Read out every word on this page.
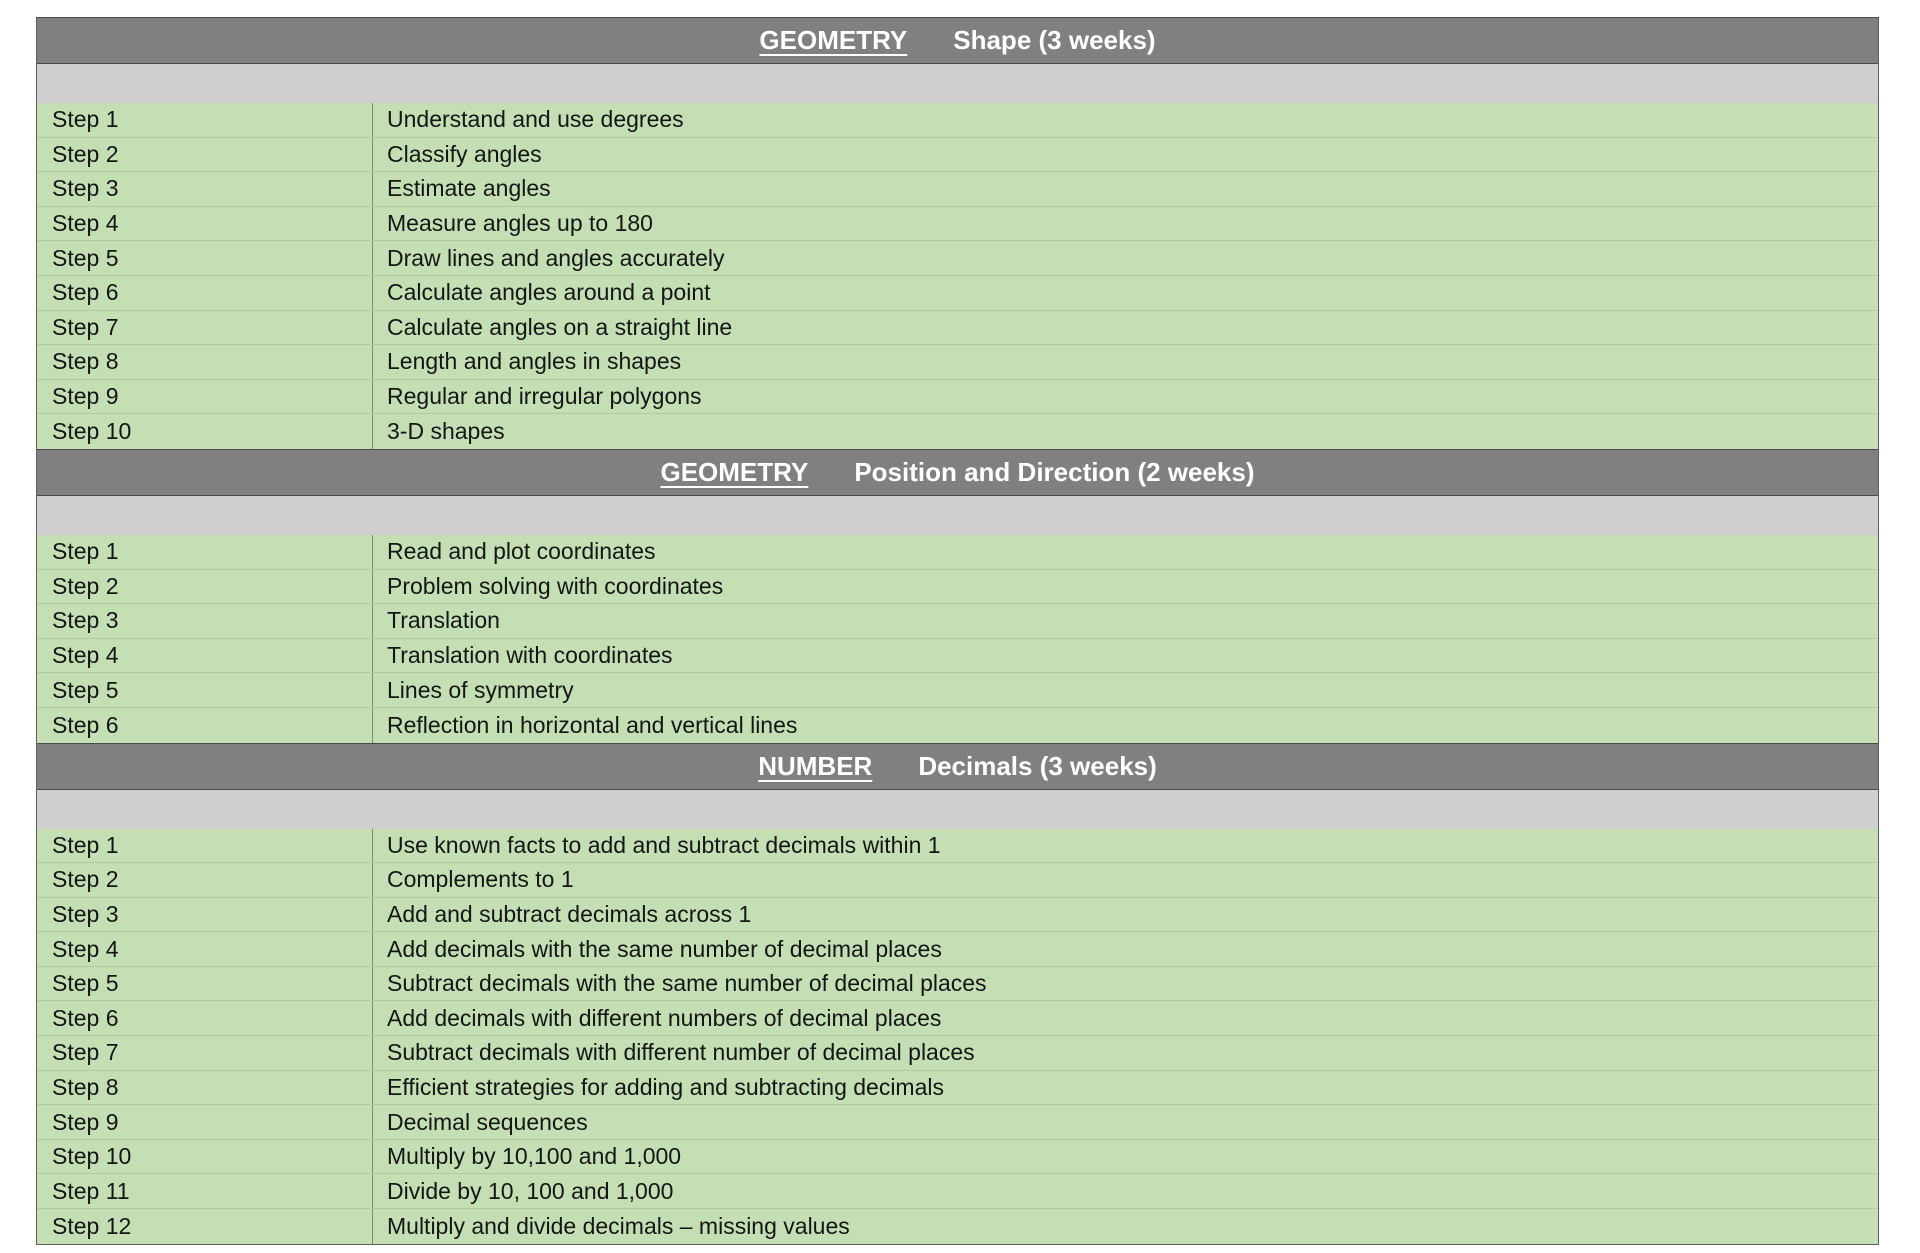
GEOMETRY Shape (3 weeks)
Step 1	Understand and use degrees
Step 2	Classify angles
Step 3	Estimate angles
Step 4	Measure angles up to 180
Step 5	Draw lines and angles accurately
Step 6	Calculate angles around a point
Step 7	Calculate angles on a straight line
Step 8	Length and angles in shapes
Step 9	Regular and irregular polygons
Step 10	3-D shapes
GEOMETRY Position and Direction (2 weeks)
Step 1	Read and plot coordinates
Step 2	Problem solving with coordinates
Step 3	Translation
Step 4	Translation with coordinates
Step 5	Lines of symmetry
Step 6	Reflection in horizontal and vertical lines
NUMBER Decimals (3 weeks)
Step 1	Use known facts to add and subtract decimals within 1
Step 2	Complements to 1
Step 3	Add and subtract decimals across 1
Step 4	Add decimals with the same number of decimal places
Step 5	Subtract decimals with the same number of decimal places
Step 6	Add decimals with different numbers of decimal places
Step 7	Subtract decimals with different number of decimal places
Step 8	Efficient strategies for adding and subtracting decimals
Step 9	Decimal sequences
Step 10	Multiply by 10,100 and 1,000
Step 11	Divide by 10, 100 and 1,000
Step 12	Multiply and divide decimals – missing values
